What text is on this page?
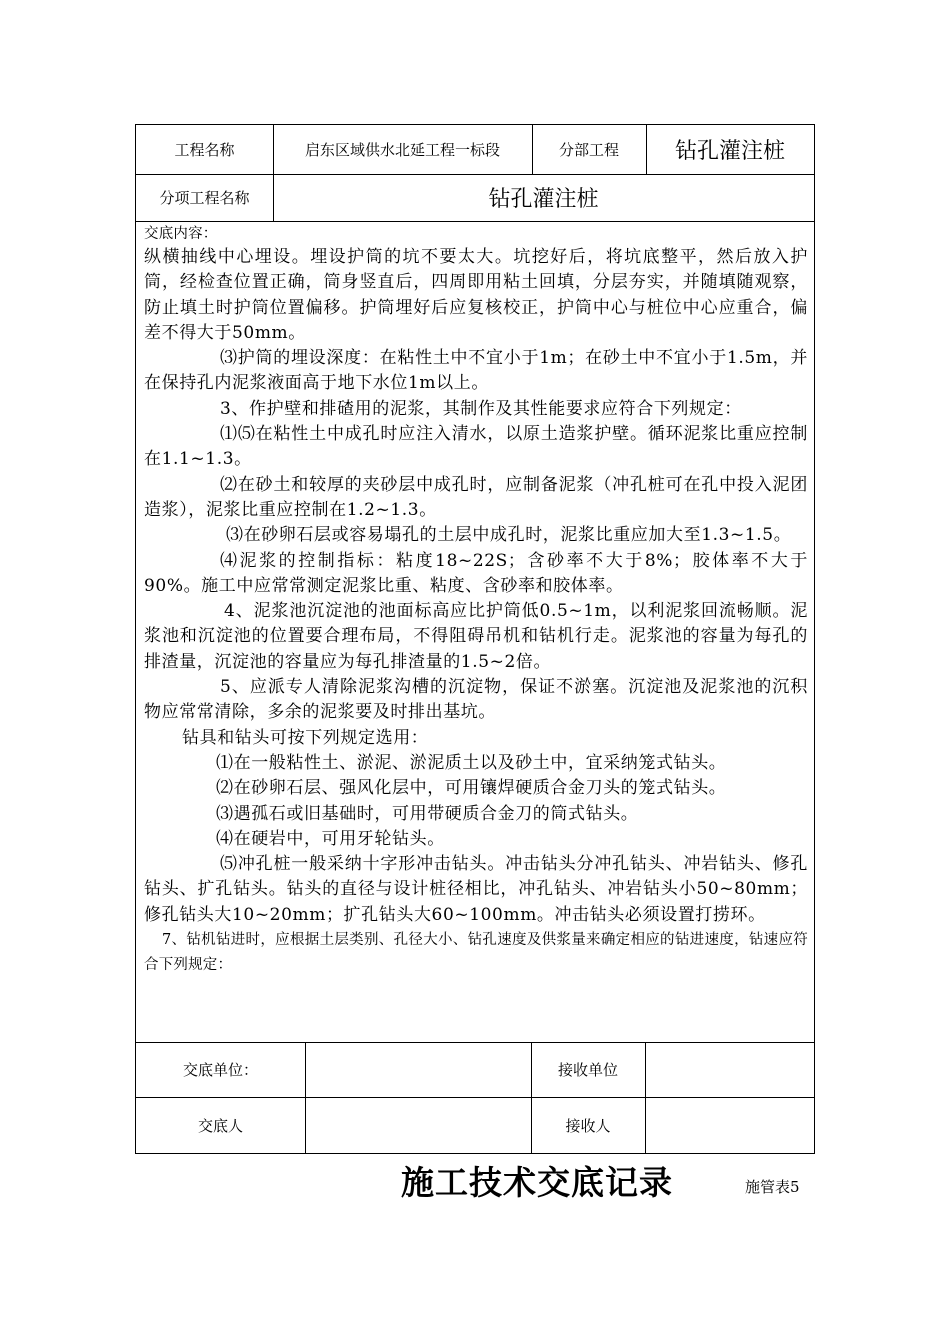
工程名称	启东区域供水北延工程一标段	分部工程	钻孔灌注桩
分项工程名称	钻孔灌注桩

交底内容：

纵横抽线中心埋设。埋设护筒的坑不要太大。坑挖好后，将坑底整平，然后放入护筒，经检查位置正确，筒身竖直后，四周即用粘土回填，分层夯实，并随填随观察，防止填土时护筒位置偏移。护筒埋好后应复核校正，护筒中心与桩位中心应重合，偏差不得大于50mm。

⑶护筒的埋设深度：在粘性土中不宜小于1m；在砂土中不宜小于1.5m，并在保持孔内泥浆液面高于地下水位1m以上。

3、作护壁和排碴用的泥浆，其制作及其性能要求应符合下列规定：

⑴⑸在粘性土中成孔时应注入清水，以原土造浆护壁。循环泥浆比重应控制在1.1~1.3。

⑵在砂土和较厚的夹砂层中成孔时，应制备泥浆（冲孔桩可在孔中投入泥团造浆），泥浆比重应控制在1.2~1.3。

⑶在砂卵石层或容易塌孔的土层中成孔时，泥浆比重应加大至1.3~1.5。

⑷泥浆的控制指标：粘度18~22S；含砂率不大于8%；胶体率不大于90%。施工中应常常测定泥浆比重、粘度、含砂率和胶体率。

4、泥浆池沉淀池的池面标高应比护筒低0.5~1m，以利泥浆回流畅顺。泥浆池和沉淀池的位置要合理布局，不得阻碍吊机和钻机行走。泥浆池的容量为每孔的排渣量，沉淀池的容量应为每孔排渣量的1.5~2倍。

5、应派专人清除泥浆沟槽的沉淀物，保证不淤塞。沉淀池及泥浆池的沉积物应常常清除，多余的泥浆要及时排出基坑。

钻具和钻头可按下列规定选用：

⑴在一般粘性土、淤泥、淤泥质土以及砂土中，宜采纳笼式钻头。

⑵在砂卵石层、强风化层中，可用镶焊硬质合金刀头的笼式钻头。

⑶遇孤石或旧基础时，可用带硬质合金刀的筒式钻头。

⑷在硬岩中，可用牙轮钻头。

⑸冲孔桩一般采纳十字形冲击钻头。冲击钻头分冲孔钻头、冲岩钻头、修孔钻头、扩孔钻头。钻头的直径与设计桩径相比，冲孔钻头、冲岩钻头小50~80mm；修孔钻头大10~20mm；扩孔钻头大60~100mm。冲击钻头必须设置打捞环。

7、钻机钻进时，应根据土层类别、孔径大小、钻孔速度及供浆量来确定相应的钻进速度，钻速应符合下列规定：

交底单位：	接收单位
交底人	接收人
施工技术交底记录	施管表5
